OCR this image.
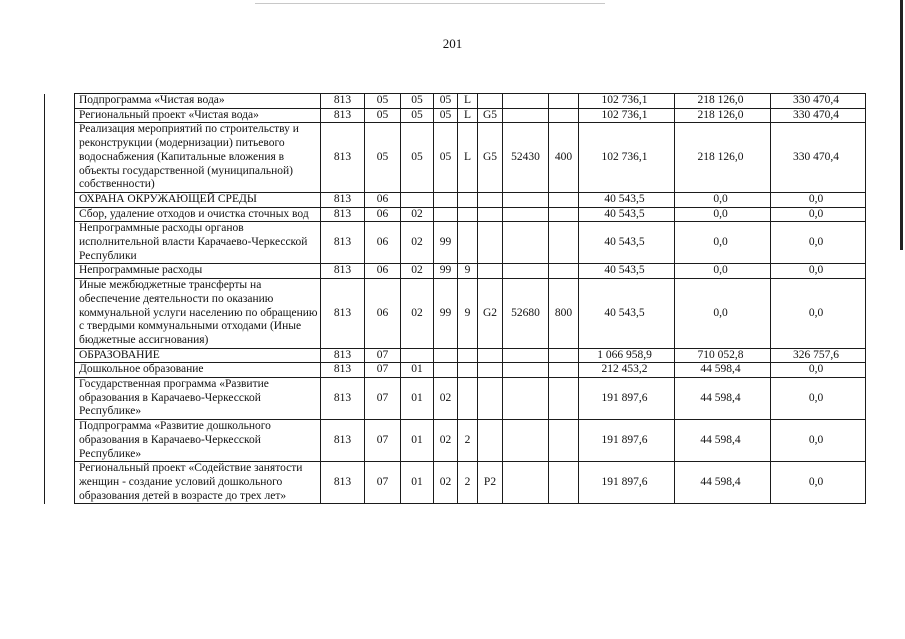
201
	Подпрограмма «Чистая вода»	813	05	05	05	L				102 736,1	218 126,0	330 470,4
	Региональный проект «Чистая вода»	813	05	05	05	L	G5			102 736,1	218 126,0	330 470,4
	Реализация мероприятий по строительству и реконструкции (модернизации) питьевого водоснабжения (Капитальные вложения в объекты государственной (муниципальной) собственности)	813	05	05	05	L	G5	52430	400	102 736,1	218 126,0	330 470,4
	ОХРАНА ОКРУЖАЮЩЕЙ СРЕДЫ	813	06							40 543,5	0,0	0,0
	Сбор, удаление отходов и очистка сточных вод	813	06	02						40 543,5	0,0	0,0
	Непрограммные расходы органов исполнительной власти Карачаево-Черкесской Республики	813	06	02	99					40 543,5	0,0	0,0
	Непрограммные расходы	813	06	02	99	9				40 543,5	0,0	0,0
	Иные межбюджетные трансферты на обеспечение деятельности по оказанию коммунальной услуги населению по обращению с твердыми коммунальными отходами (Иные бюджетные ассигнования)	813	06	02	99	9	G2	52680	800	40 543,5	0,0	0,0
	ОБРАЗОВАНИЕ	813	07							1 066 958,9	710 052,8	326 757,6
	Дошкольное образование	813	07	01						212 453,2	44 598,4	0,0
	Государственная программа «Развитие образования в Карачаево-Черкесской Республике»	813	07	01	02					191 897,6	44 598,4	0,0
	Подпрограмма «Развитие дошкольного образования в Карачаево-Черкесской Республике»	813	07	01	02	2				191 897,6	44 598,4	0,0
	Региональный проект «Содействие занятости женщин - создание условий дошкольного образования детей в возрасте до трех лет»	813	07	01	02	2	P2			191 897,6	44 598,4	0,0
